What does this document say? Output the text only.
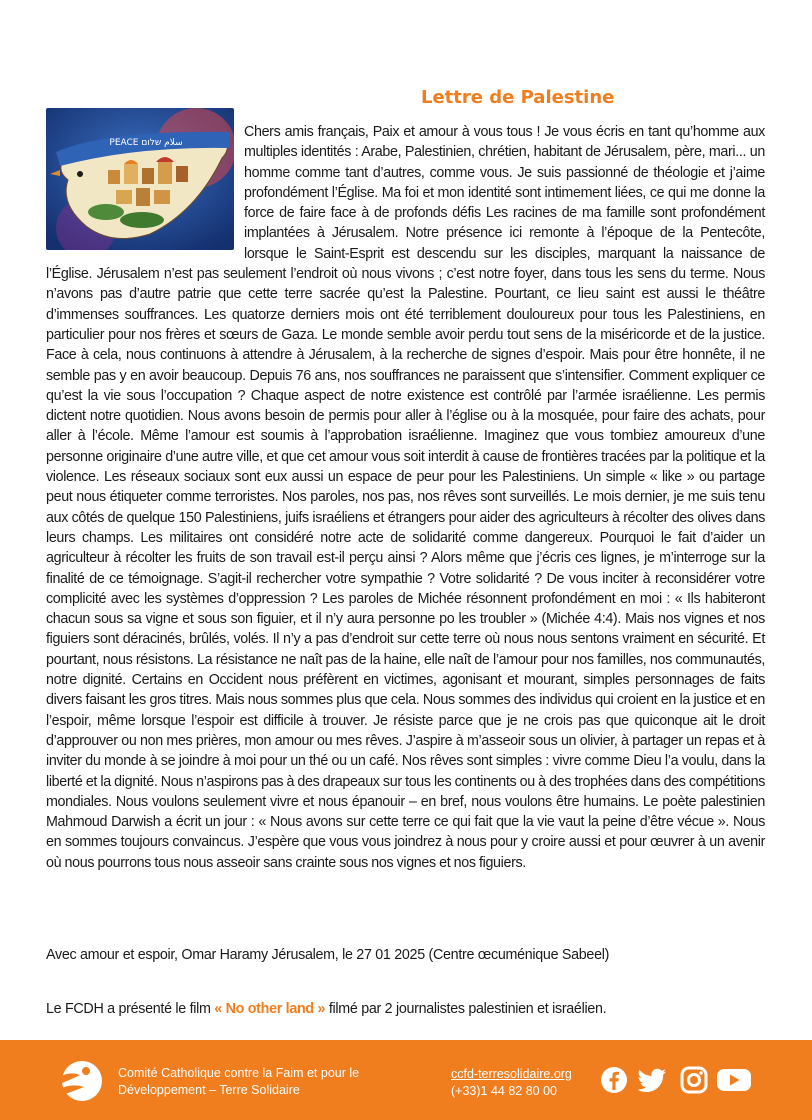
Lettre de Palestine
PEACE سلام שלום

Chers amis français, Paix et amour à vous tous ! Je vous écris en tant qu’homme aux multiples identités : Arabe, Palestinien, chrétien, habitant de Jérusalem, père, mari... un homme comme tant d’autres, comme vous. Je suis passionné de théologie et j’aime profondément l’Église. Ma foi et mon identité sont intimement liées, ce qui me donne la force de faire face à de profonds défis Les racines de ma famille sont profondément implantées à Jérusalem. Notre présence ici remonte à l’époque de la Pentecôte, lorsque le Saint-Esprit est descendu sur les disciples, marquant la naissance de l’Église. Jérusalem n’est pas seulement l’endroit où nous vivons ; c’est notre foyer, dans tous les sens du terme. Nous n’avons pas d’autre patrie que cette terre sacrée qu’est la Palestine. Pourtant, ce lieu saint est aussi le théâtre d’immenses souffrances. Les quatorze derniers mois ont été terriblement douloureux pour tous les Palestiniens, en particulier pour nos frères et sœurs de Gaza. Le monde semble avoir perdu tout sens de la miséricorde et de la justice. Face à cela, nous continuons à attendre à Jérusalem, à la recherche de signes d’espoir. Mais pour être honnête, il ne semble pas y en avoir beaucoup. Depuis 76 ans, nos souffrances ne paraissent que s’intensifier. Comment expliquer ce qu’est la vie sous l’occupation ? Chaque aspect de notre existence est contrôlé par l’armée israélienne. Les permis dictent notre quotidien. Nous avons besoin de permis pour aller à l’église ou à la mosquée, pour faire des achats, pour aller à l’école. Même l’amour est soumis à l’approbation israélienne. Imaginez que vous tombiez amoureux d’une personne originaire d’une autre ville, et que cet amour vous soit interdit à cause de frontières tracées par la politique et la violence. Les réseaux sociaux sont eux aussi un espace de peur pour les Palestiniens. Un simple « like » ou partage peut nous étiqueter comme terroristes. Nos paroles, nos pas, nos rêves sont surveillés. Le mois dernier, je me suis tenu aux côtés de quelque 150 Palestiniens, juifs israéliens et étrangers pour aider des agriculteurs à récolter des olives dans leurs champs. Les militaires ont considéré notre acte de solidarité comme dangereux. Pourquoi le fait d’aider un agriculteur à récolter les fruits de son travail est-il perçu ainsi ? Alors même que j’écris ces lignes, je m’interroge sur la finalité de ce témoignage. S’agit-il rechercher votre sympathie ? Votre solidarité ? De vous inciter à reconsidérer votre complicité avec les systèmes d’oppression ? Les paroles de Michée résonnent profondément en moi : « Ils habiteront chacun sous sa vigne et sous son figuier, et il n’y aura personne po les troubler » (Michée 4:4). Mais nos vignes et nos figuiers sont déracinés, brûlés, volés. Il n’y a pas d’endroit sur cette terre où nous nous sentons vraiment en sécurité. Et pourtant, nous résistons. La résistance ne naît pas de la haine, elle naît de l’amour pour nos familles, nos communautés, notre dignité. Certains en Occident nous préfèrent en victimes, agonisant et mourant, simples personnages de faits divers faisant les gros titres. Mais nous sommes plus que cela. Nous sommes des individus qui croient en la justice et en l’espoir, même lorsque l’espoir est difficile à trouver. Je résiste parce que je ne crois pas que quiconque ait le droit d’approuver ou non mes prières, mon amour ou mes rêves. J’aspire à m’asseoir sous un olivier, à partager un repas et à inviter du monde à se joindre à moi pour un thé ou un café. Nos rêves sont simples : vivre comme Dieu l’a voulu, dans la liberté et la dignité. Nous n’aspirons pas à des drapeaux sur tous les continents ou à des trophées dans des compétitions mondiales. Nous voulons seulement vivre et nous épanouir – en bref, nous voulons être humains. Le poète palestinien Mahmoud Darwish a écrit un jour : « Nous avons sur cette terre ce qui fait que la vie vaut la peine d’être vécue ». Nous en sommes toujours convaincus. J’espère que vous vous joindrez à nous pour y croire aussi et pour œuvrer à un avenir où nous pourrons tous nous asseoir sans crainte sous nos vignes et nos figuiers.

Avec amour et espoir, Omar Haramy Jérusalem, le 27 01 2025 (Centre œcuménique Sabeel)

Le FCDH a présenté le film « No other land » filmé par 2 journalistes palestinien et israélien.

Comité Catholique contre la Faim et pour le
Développement – Terre Solidaire

ccfd-terresolidaire.org
(+33)1 44 82 80 00
